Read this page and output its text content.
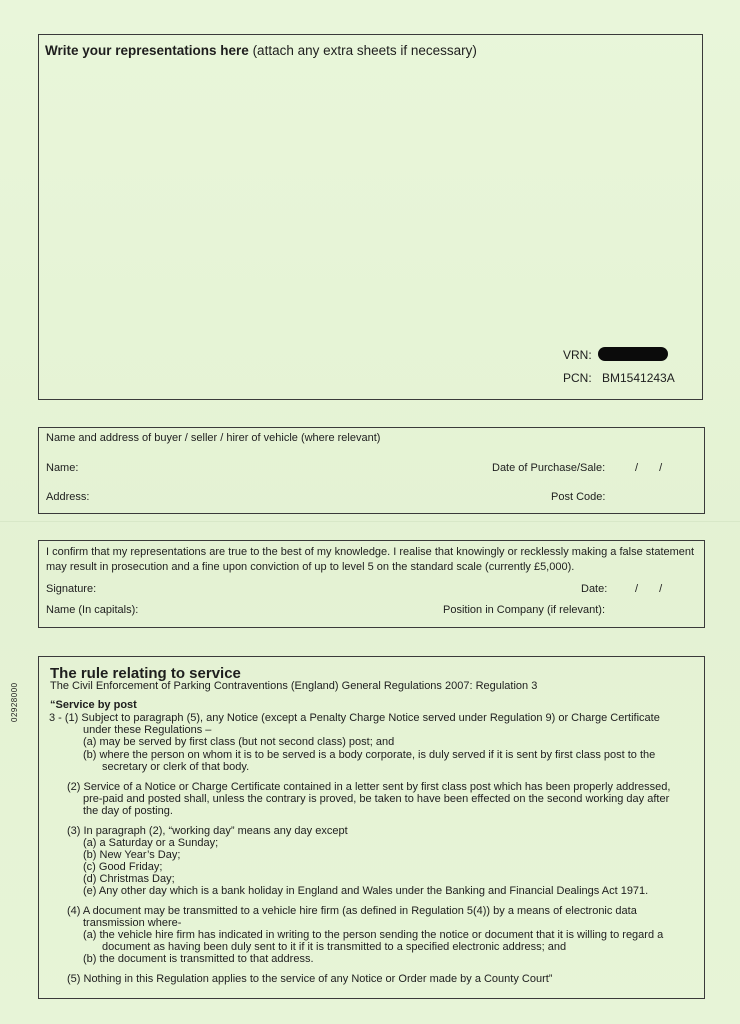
Write your representations here (attach any extra sheets if necessary)
VRN:
PCN: BM1541243A
Name and address of buyer / seller / hirer of vehicle (where relevant)
Name:	Date of Purchase/Sale:	/ /
Address:	Post Code:
I confirm that my representations are true to the best of my knowledge. I realise that knowingly or recklessly making a false statement may result in prosecution and a fine upon conviction of up to level 5 on the standard scale (currently £5,000).
Signature:	Date:	/ /
Name (In capitals):	Position in Company (if relevant):
The rule relating to service
The Civil Enforcement of Parking Contraventions (England) General Regulations 2007: Regulation 3
“Service by post
3 - (1) Subject to paragraph (5), any Notice (except a Penalty Charge Notice served under Regulation 9) or Charge Certificate
under these Regulations –
(a) may be served by first class (but not second class) post; and
(b) where the person on whom it is to be served is a body corporate, is duly served if it is sent by first class post to the
secretary or clerk of that body.
(2) Service of a Notice or Charge Certificate contained in a letter sent by first class post which has been properly addressed,
pre-paid and posted shall, unless the contrary is proved, be taken to have been effected on the second working day after
the day of posting.
(3) In paragraph (2), “working day” means any day except
(a) a Saturday or a Sunday;
(b) New Year’s Day;
(c) Good Friday;
(d) Christmas Day;
(e) Any other day which is a bank holiday in England and Wales under the Banking and Financial Dealings Act 1971.
(4) A document may be transmitted to a vehicle hire firm (as defined in Regulation 5(4)) by a means of electronic data
transmission where-
(a) the vehicle hire firm has indicated in writing to the person sending the notice or document that it is willing to regard a
document as having been duly sent to it if it is transmitted to a specified electronic address; and
(b) the document is transmitted to that address.
(5) Nothing in this Regulation applies to the service of any Notice or Order made by a County Court”
02928000
